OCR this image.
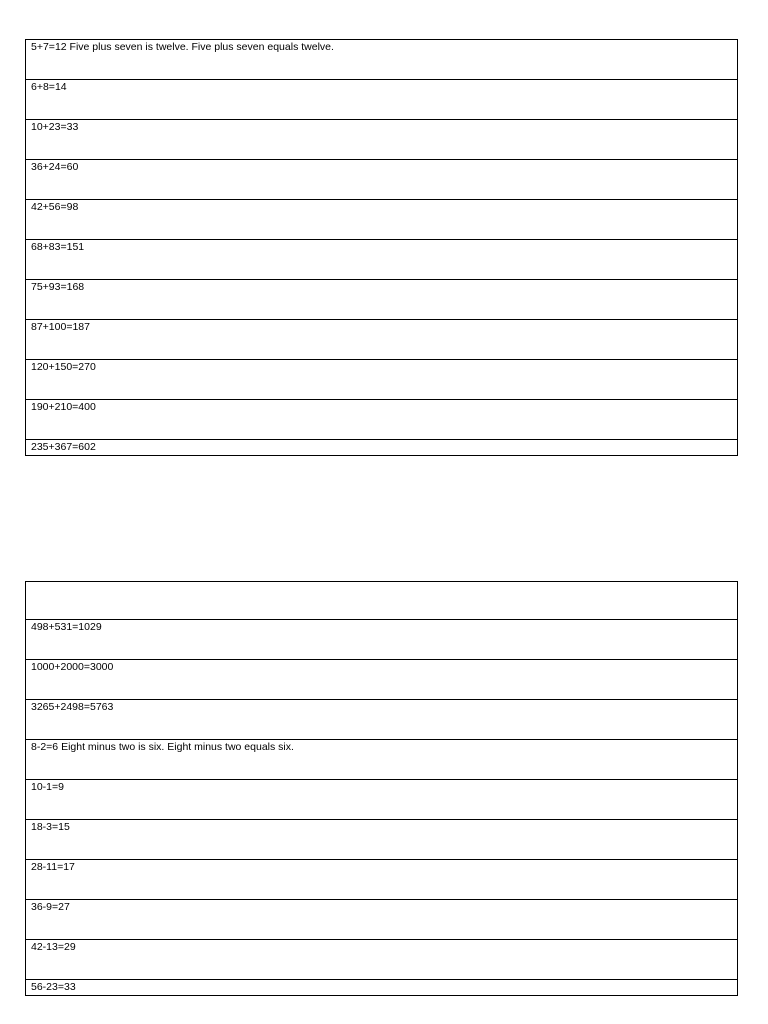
5+7=12 Five plus seven is twelve. Five plus seven equals twelve.
6+8=14
10+23=33
36+24=60
42+56=98
68+83=151
75+93=168
87+100=187
120+150=270
190+210=400
235+367=602

498+531=1029
1000+2000=3000
3265+2498=5763
8-2=6 Eight minus two is six. Eight minus two equals six.
10-1=9
18-3=15
28-11=17
36-9=27
42-13=29
56-23=33
